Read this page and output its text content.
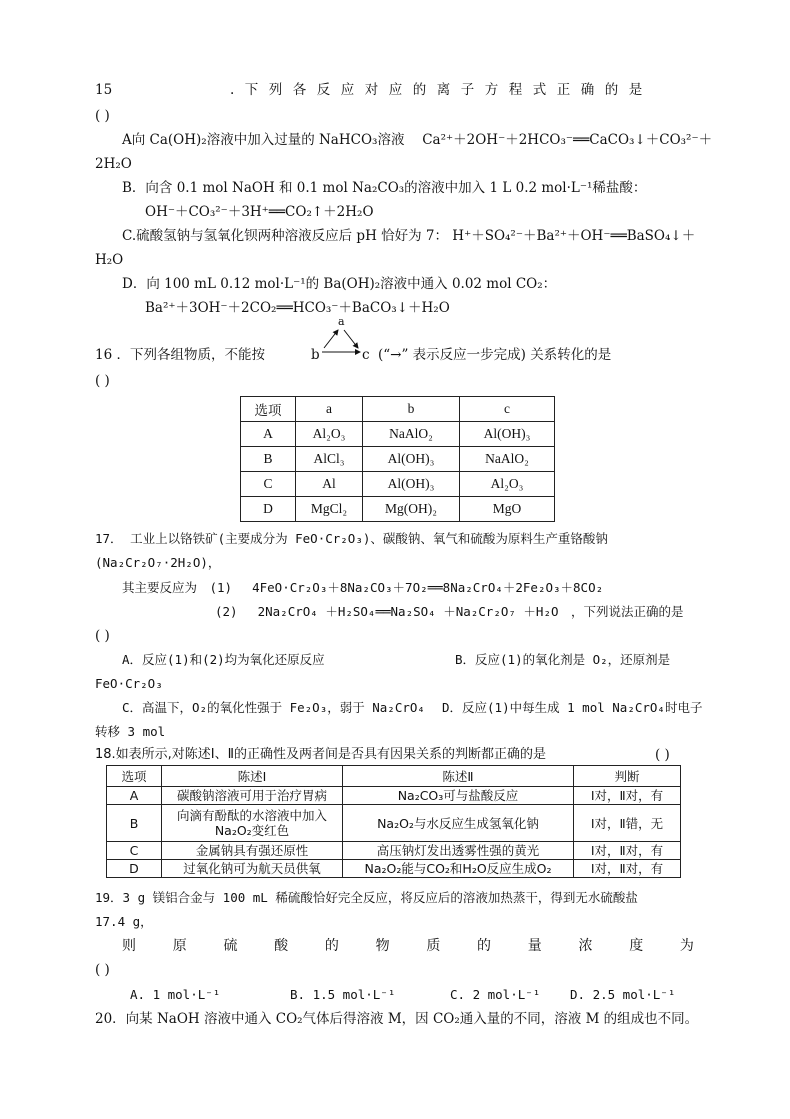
15	.下列各反应对应的离子方程式正确的是
( )
A向 Ca(OH)₂溶液中加入过量的 NaHCO₃溶液　 Ca²⁺＋2OH⁻＋2HCO₃⁻══CaCO₃↓＋CO₃²⁻＋
2H₂O
B．向含 0.1 mol NaOH 和 0.1 mol Na₂CO₃的溶液中加入 1 L 0.2 mol·L⁻¹稀盐酸：
OH⁻＋CO₃²⁻＋3H⁺══CO₂↑＋2H₂O
C.硫酸氢钠与氢氧化钡两种溶液反应后 pH 恰好为 7： H⁺＋SO₄²⁻＋Ba²⁺＋OH⁻══BaSO₄↓＋
H₂O
D．向 100 mL 0.12 mol·L⁻¹的 Ba(OH)₂溶液中通入 0.02 mol CO₂：
Ba²⁺＋3OH⁻＋2CO₂══HCO₃⁻＋BaCO₃↓＋H₂O
16 ．下列各组物质，不能按
a
b	c (“→” 表示反应一步完成) 关系转化的是
( )
选项	a	b	c
A	Al₂O₃	NaAlO₂	Al(OH)₃
B	AlCl₃	Al(OH)₃	NaAlO₂
C	Al	Al(OH)₃	Al₂O₃
D	MgCl₂	Mg(OH)₂	MgO
17． 工业上以铬铁矿(主要成分为 FeO·Cr₂O₃)、碳酸钠、氧气和硫酸为原料生产重铬酸钠
(Na₂Cr₂O₇·2H₂O)，
其主要反应为　(1)　 4FeO·Cr₂O₃＋8Na₂CO₃＋7O₂══8Na₂CrO₄＋2Fe₂O₃＋8CO₂
(2)　 2Na₂CrO₄ ＋H₂SO₄══Na₂SO₄ ＋Na₂Cr₂O₇ ＋H₂O　，下列说法正确的是
( )
A．反应(1)和(2)均为氧化还原反应	B．反应(1)的氧化剂是 O₂，还原剂是
FeO·Cr₂O₃
C．高温下，O₂的氧化性强于 Fe₂O₃，弱于 Na₂CrO₄ D．反应(1)中每生成 1 mol Na₂CrO₄时电子
转移 3 mol
18.如表所示,对陈述Ⅰ、Ⅱ的正确性及两者间是否具有因果关系的判断都正确的是	( )
选项	陈述Ⅰ	陈述Ⅱ	判断
A	碳酸钠溶液可用于治疗胃病	Na₂CO₃可与盐酸反应	Ⅰ对，Ⅱ对，有
B	向滴有酚酞的水溶液中加入Na₂O₂变红色	Na₂O₂与水反应生成氢氧化钠	Ⅰ对，Ⅱ错，无
C	金属钠具有强还原性	高压钠灯发出透雾性强的黄光	Ⅰ对，Ⅱ对，有
D	过氧化钠可为航天员供氧	Na₂O₂能与CO₂和H₂O反应生成O₂	Ⅰ对，Ⅱ对，有
19．3 g 镁铝合金与 100 mL 稀硫酸恰好完全反应，将反应后的溶液加热蒸干，得到无水硫酸盐
17.4 g，
则	原	硫	酸	的	物	质	的	量	浓	度	为
( )
A. 1 mol·L⁻¹	B. 1.5 mol·L⁻¹	C. 2 mol·L⁻¹ D. 2.5 mol·L⁻¹
20．向某 NaOH 溶液中通入 CO₂气体后得溶液 M，因 CO₂通入量的不同，溶液 M 的组成也不同。
